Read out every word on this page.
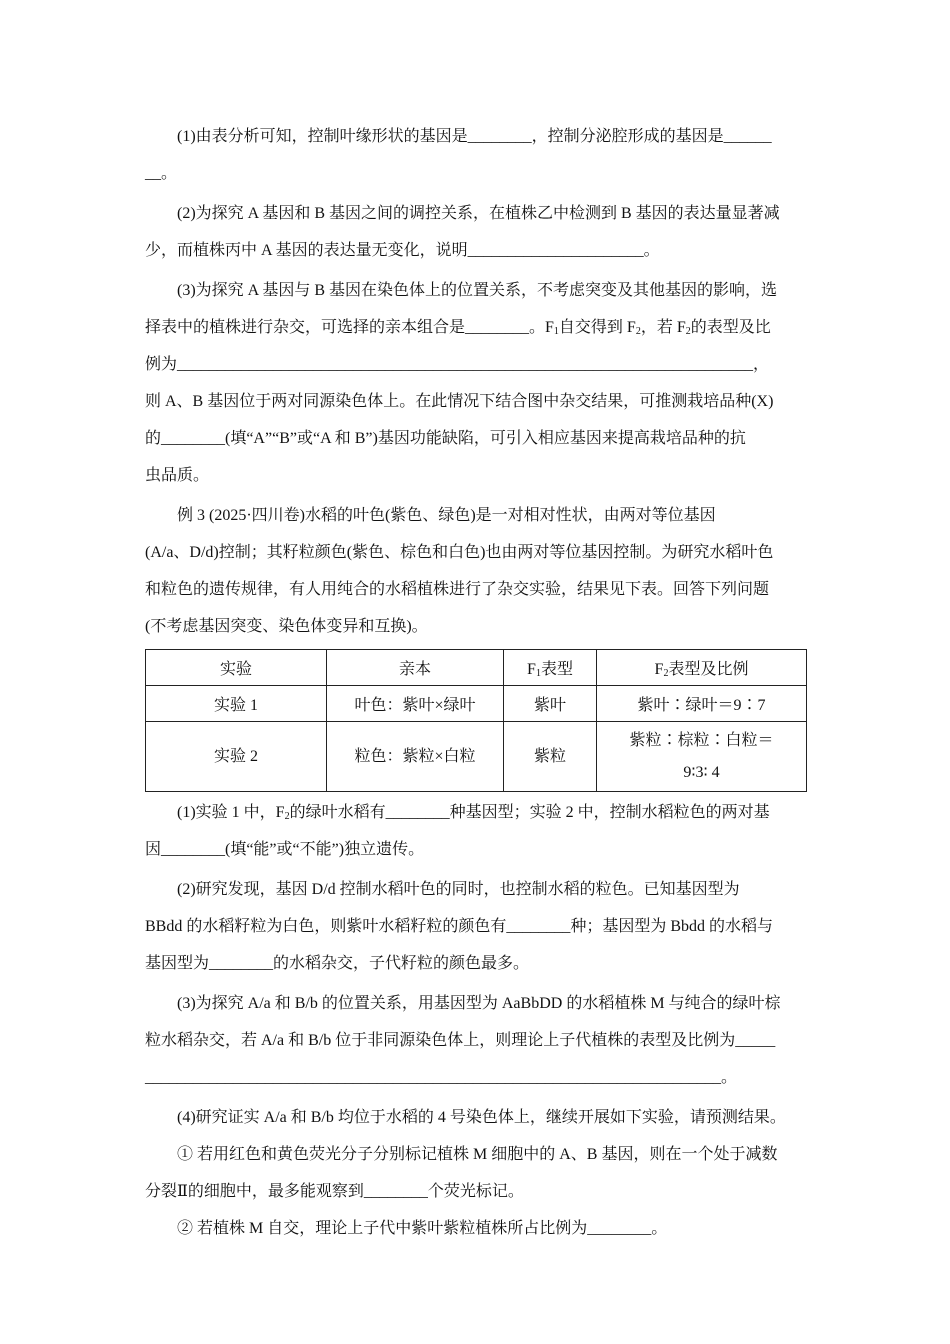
(1)由表分析可知，控制叶缘形状的基因是________，控制分泌腔形成的基因是______

__。

(2)为探究 A 基因和 B 基因之间的调控关系，在植株乙中检测到 B 基因的表达量显著减

少，而植株丙中 A 基因的表达量无变化，说明______________________。

(3)为探究 A 基因与 B 基因在染色体上的位置关系，不考虑突变及其他基因的影响，选

择表中的植株进行杂交，可选择的亲本组合是________。$F_1$自交得到 $F_2$，若 $F_2$的表型及比

例为________________________________________________________________________，

则 A、B 基因位于两对同源染色体上。在此情况下结合图中杂交结果，可推测栽培品种(X)

的________(填“A”“B”或“A 和 B”)基因功能缺陷，可引入相应基因来提高栽培品种的抗

虫品质。

例 3 (2025·四川卷)水稻的叶色(紫色、绿色)是一对相对性状，由两对等位基因

(A/a、D/d)控制；其籽粒颜色(紫色、棕色和白色)也由两对等位基因控制。为研究水稻叶色

和粒色的遗传规律，有人用纯合的水稻植株进行了杂交实验，结果见下表。回答下列问题

(不考虑基因突变、染色体变异和互换)。

实验	亲本	$F_1$表型	$F_2$表型及比例
实验 1	叶色：紫叶×绿叶	紫叶	紫叶∶绿叶＝9∶7
实验 2	粒色：紫粒×白粒	紫粒	紫粒∶棕粒∶白粒＝
9∶3∶ 4

(1)实验 1 中，$F_2$的绿叶水稻有________种基因型；实验 2 中，控制水稻粒色的两对基

因________(填“能”或“不能”)独立遗传。

(2)研究发现，基因 D/d 控制水稻叶色的同时，也控制水稻的粒色。已知基因型为

BBdd 的水稻籽粒为白色，则紫叶水稻籽粒的颜色有________种；基因型为 Bbdd 的水稻与

基因型为________的水稻杂交，子代籽粒的颜色最多。

(3)为探究 A/a 和 B/b 的位置关系，用基因型为 AaBbDD 的水稻植株 M 与纯合的绿叶棕

粒水稻杂交，若 A/a 和 B/b 位于非同源染色体上，则理论上子代植株的表型及比例为_____

________________________________________________________________________。

(4)研究证实 A/a 和 B/b 均位于水稻的 4 号染色体上，继续开展如下实验，请预测结果。

① 若用红色和黄色荧光分子分别标记植株 M 细胞中的 A、B 基因，则在一个处于减数

分裂Ⅱ的细胞中，最多能观察到________个荧光标记。

② 若植株 M 自交，理论上子代中紫叶紫粒植株所占比例为________。
